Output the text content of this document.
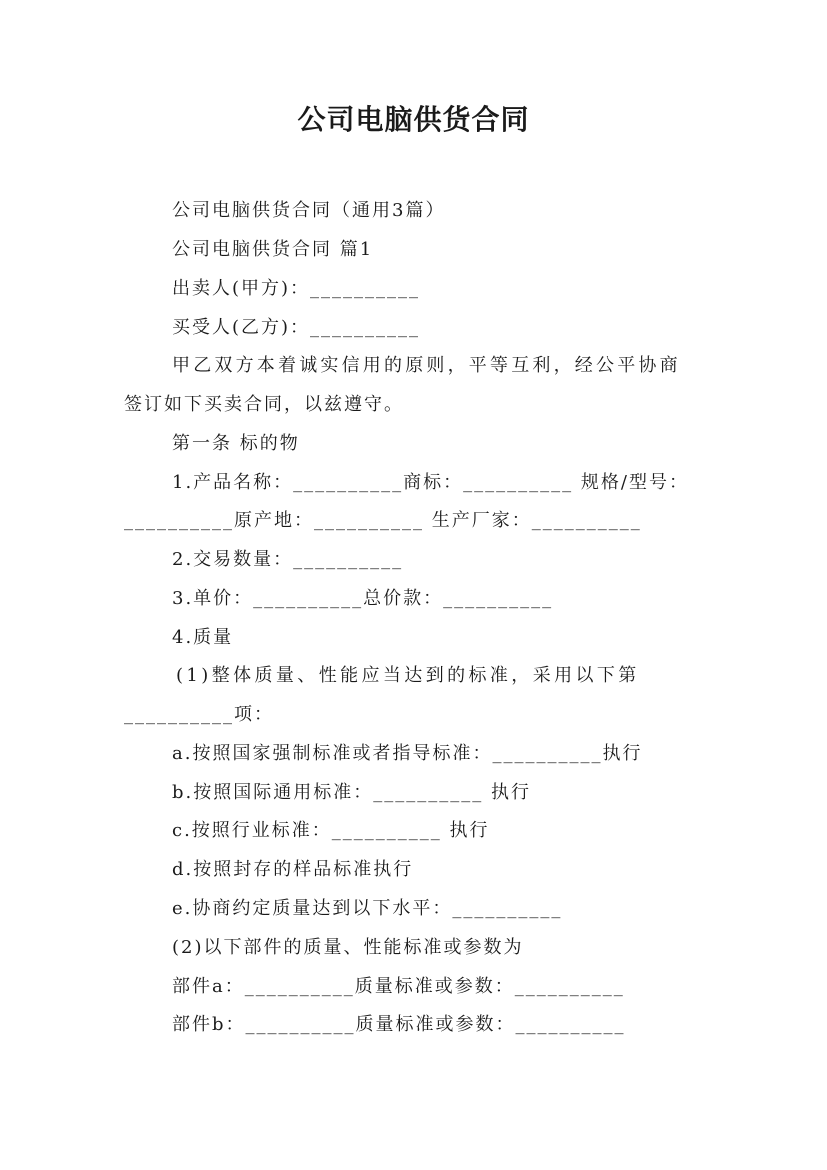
公司电脑供货合同
公司电脑供货合同（通用3篇）
公司电脑供货合同 篇1
出卖人(甲方)：__________
买受人(乙方)：__________
甲乙双方本着诚实信用的原则，平等互利，经公平协商
签订如下买卖合同，以兹遵守。
第一条 标的物
1.产品名称：__________商标：__________ 规格/型号：
__________原产地：__________ 生产厂家：__________
2.交易数量：__________
3.单价：__________总价款：__________
4.质量
(1)整体质量、性能应当达到的标准，采用以下第
__________项：
a.按照国家强制标准或者指导标准：__________执行
b.按照国际通用标准：__________ 执行
c.按照行业标准：__________ 执行
d.按照封存的样品标准执行
e.协商约定质量达到以下水平：__________
(2)以下部件的质量、性能标准或参数为
部件a：__________质量标准或参数：__________
部件b：__________质量标准或参数：__________
